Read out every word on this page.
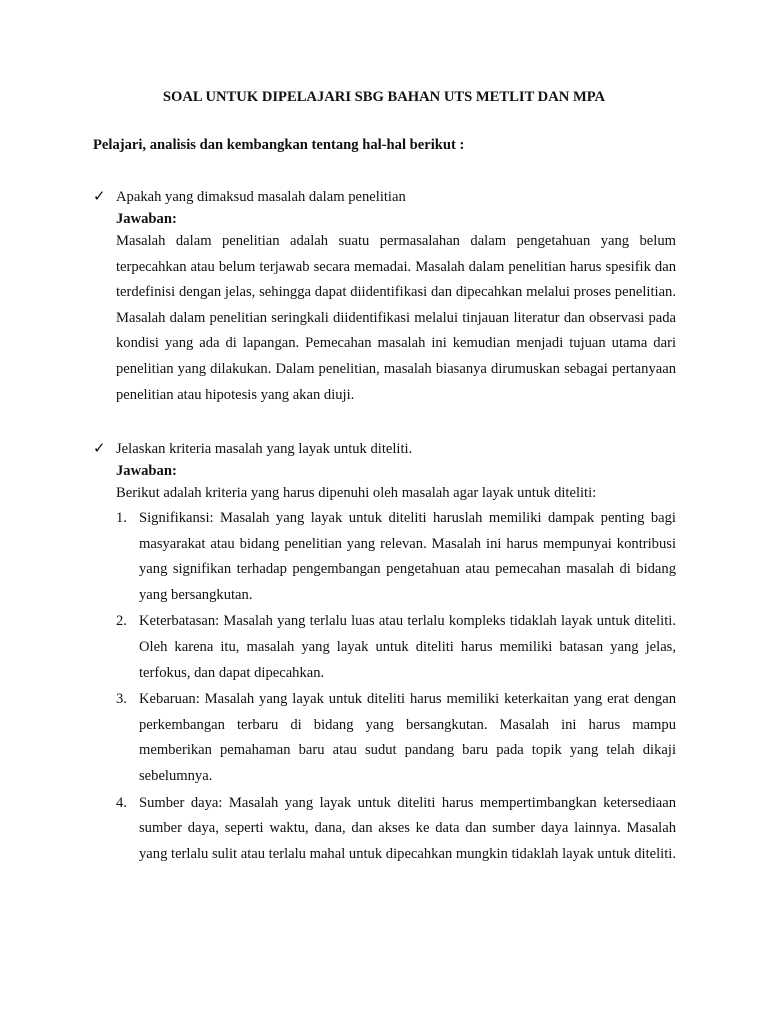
SOAL UNTUK DIPELAJARI SBG BAHAN UTS METLIT DAN MPA
Pelajari, analisis dan kembangkan tentang hal-hal berikut :
✓ Apakah yang dimaksud masalah dalam penelitian
Jawaban:

Masalah dalam penelitian adalah suatu permasalahan dalam pengetahuan yang belum terpecahkan atau belum terjawab secara memadai. Masalah dalam penelitian harus spesifik dan terdefinisi dengan jelas, sehingga dapat diidentifikasi dan dipecahkan melalui proses penelitian. Masalah dalam penelitian seringkali diidentifikasi melalui tinjauan literatur dan observasi pada kondisi yang ada di lapangan. Pemecahan masalah ini kemudian menjadi tujuan utama dari penelitian yang dilakukan. Dalam penelitian, masalah biasanya dirumuskan sebagai pertanyaan penelitian atau hipotesis yang akan diuji.

✓ Jelaskan kriteria masalah yang layak untuk diteliti.
Jawaban:
Berikut adalah kriteria yang harus dipenuhi oleh masalah agar layak untuk diteliti:
1. Signifikansi: Masalah yang layak untuk diteliti haruslah memiliki dampak penting bagi masyarakat atau bidang penelitian yang relevan. Masalah ini harus mempunyai kontribusi yang signifikan terhadap pengembangan pengetahuan atau pemecahan masalah di bidang yang bersangkutan.

2. Keterbatasan: Masalah yang terlalu luas atau terlalu kompleks tidaklah layak untuk diteliti. Oleh karena itu, masalah yang layak untuk diteliti harus memiliki batasan yang jelas, terfokus, dan dapat dipecahkan.

3. Kebaruan: Masalah yang layak untuk diteliti harus memiliki keterkaitan yang erat dengan perkembangan terbaru di bidang yang bersangkutan. Masalah ini harus mampu memberikan pemahaman baru atau sudut pandang baru pada topik yang telah dikaji sebelumnya.

4. Sumber daya: Masalah yang layak untuk diteliti harus mempertimbangkan ketersediaan sumber daya, seperti waktu, dana, dan akses ke data dan sumber daya lainnya. Masalah yang terlalu sulit atau terlalu mahal untuk dipecahkan mungkin tidaklah layak untuk diteliti.
